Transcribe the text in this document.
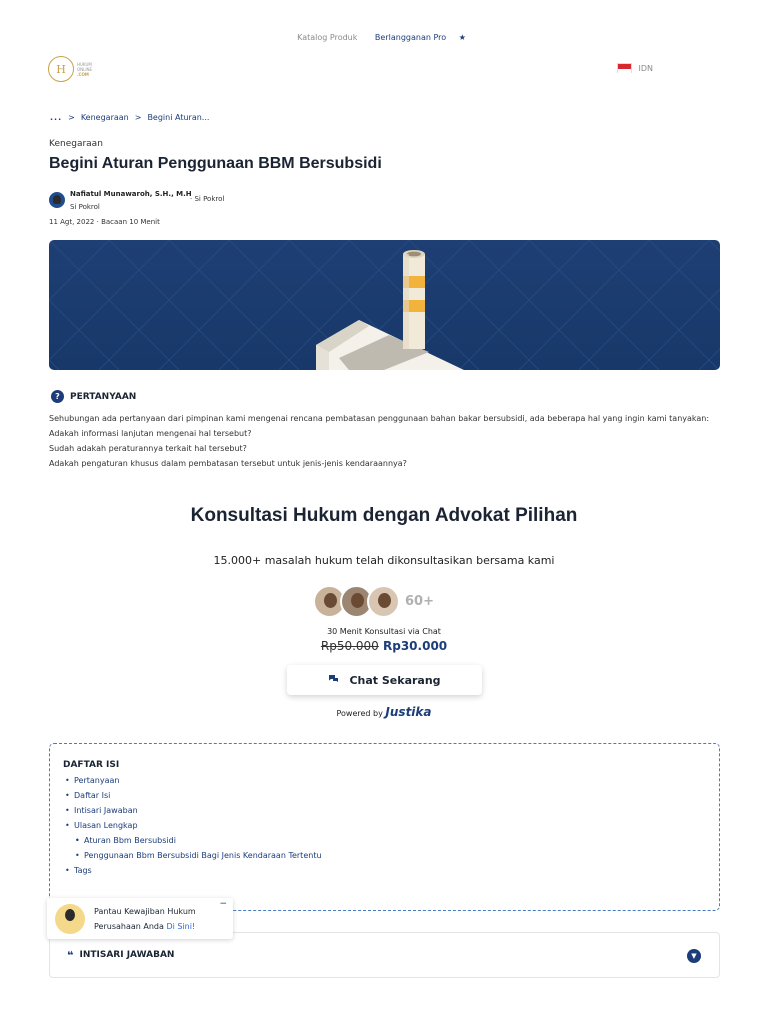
Katalog Produk Berlangganan Pro ★
H	HUKUM
ONLINE
.COM
IDN
... > Kenegaraan > Begini Aturan...
Kenegaraan
Begini Aturan Penggunaan BBM Bersubsidi
Nafiatul Munawaroh, S.H., M.H
Si Pokrol
· Si Pokrol
11 Agt, 2022 · Bacaan 10 Menit
?	PERTANYAAN

Sehubungan ada pertanyaan dari pimpinan kami mengenai rencana pembatasan penggunaan bahan bakar bersubsidi, ada beberapa hal yang ingin kami tanyakan:

Adakah informasi lanjutan mengenai hal tersebut?

Sudah adakah peraturannya terkait hal tersebut?

Adakah pengaturan khusus dalam pembatasan tersebut untuk jenis-jenis kendaraannya?

Konsultasi Hukum dengan Advokat Pilihan
15.000+ masalah hukum telah dikonsultasikan bersama kami
60+
30 Menit Konsultasi via Chat
Rp50.000 Rp30.000
Chat Sekarang
Powered by Justika
DAFTAR ISI
• Pertanyaan
• Daftar Isi
• Intisari Jawaban
• Ulasan Lengkap
• Aturan Bbm Bersubsidi
• Penggunaan Bbm Bersubsidi Bagi Jenis Kendaraan Tertentu
• Tags
❝ INTISARI JAWABAN	▼
Pantau Kewajiban Hukum
Perusahaan Anda Di Sini!
−
